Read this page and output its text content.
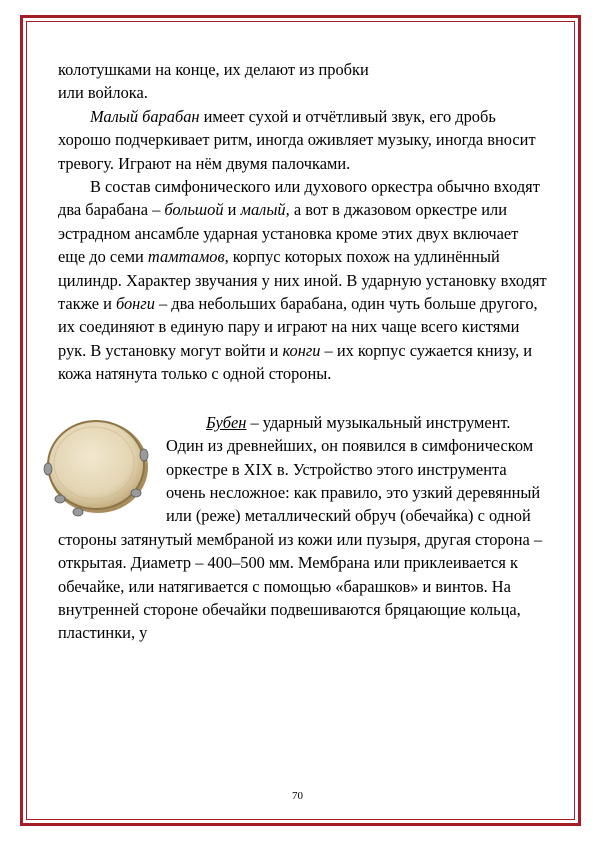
колотушками на конце, их делают из пробки
или войлока.

Малый барабан имеет сухой и отчётливый звук, его дробь хорошо подчеркивает ритм, иногда оживляет музыку, иногда вносит тревогу. Играют на нём двумя палочками.

В состав симфонического или духового оркестра обычно входят два барабана – большой и малый, а вот в джазовом оркестре или эстрадном ансамбле ударная установка кроме этих двух включает еще до семи тамтамов, корпус которых похож на удлинённый цилиндр. Характер звучания у них иной. В ударную установку входят также и бонги – два небольших барабана, один чуть больше другого, их соединяют в единую пару и играют на них чаще всего кистями рук. В установку могут войти и конги – их корпус сужается книзу, и кожа натянута только с одной стороны.

Бубен – ударный музыкальный инструмент. Один из древнейших, он появился в симфоническом оркестре в XIX в. Устройство этого инструмента очень несложное: как правило, это узкий деревянный или (реже) металлический обруч (обечайка) с одной стороны затянутый мембраной из кожи или пузыря, другая сторона – открытая. Диаметр – 400–500 мм. Мембрана или приклеивается к обечайке, или натягивается с помощью «барашков» и винтов. На внутренней стороне обечайки подвешиваются бряцающие кольца, пластинки, у

70
